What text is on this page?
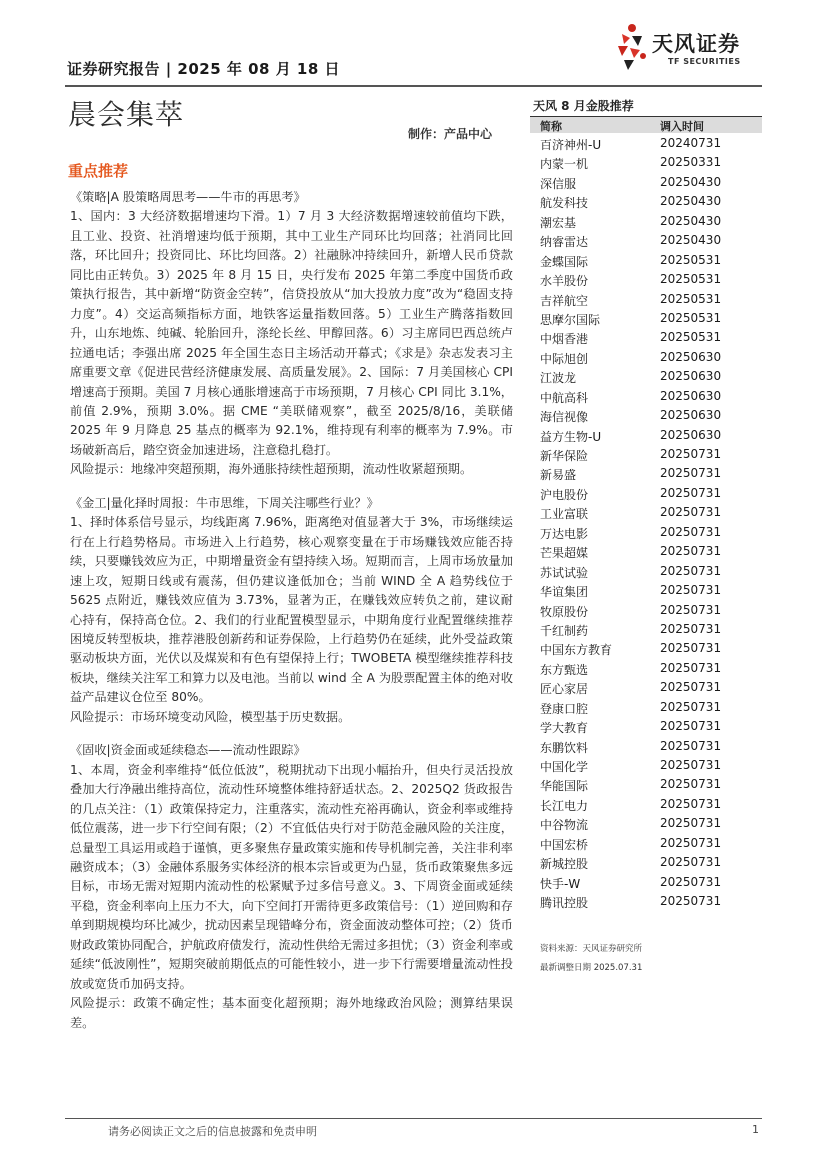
证券研究报告 | 2025 年 08 月 18 日
天风证券
TF SECURITIES
晨会集萃
制作：产品中心
重点推荐

《策略|A 股策略周思考——牛市的再思考》

1、国内：3 大经济数据增速均下滑。1）7 月 3 大经济数据增速较前值均下跌，且工业、投资、社消增速均低于预期，其中工业生产同环比均回落；社消同比回落，环比回升；投资同比、环比均回落。2）社融脉冲持续回升，新增人民币贷款同比由正转负。3）2025 年 8 月 15 日，央行发布 2025 年第二季度中国货币政策执行报告，其中新增“防资金空转”，信贷投放从“加大投放力度”改为“稳固支持力度”。4）交运高频指标方面，地铁客运量指数回落。5）工业生产腾落指数回升，山东地炼、纯碱、轮胎回升，涤纶长丝、甲醇回落。6）习主席同巴西总统卢拉通电话；李强出席 2025 年全国生态日主场活动开幕式；《求是》杂志发表习主席重要文章《促进民营经济健康发展、高质量发展》。2、国际：7 月美国核心 CPI 增速高于预期。美国 7 月核心通胀增速高于市场预期，7 月核心 CPI 同比 3.1%，前值 2.9%，预期 3.0%。据 CME “美联储观察”，截至 2025/8/16，美联储 2025 年 9 月降息 25 基点的概率为 92.1%，维持现有利率的概率为 7.9%。市场破新高后，踏空资金加速进场，注意稳扎稳打。

风险提示：地缘冲突超预期，海外通胀持续性超预期，流动性收紧超预期。

《金工|量化择时周报：牛市思维，下周关注哪些行业？》

1、择时体系信号显示，均线距离 7.96%，距离绝对值显著大于 3%，市场继续运行在上行趋势格局。市场进入上行趋势，核心观察变量在于市场赚钱效应能否持续，只要赚钱效应为正，中期增量资金有望持续入场。短期而言，上周市场放量加速上攻，短期日线或有震荡，但仍建议逢低加仓；当前 WIND 全 A 趋势线位于 5625 点附近，赚钱效应值为 3.73%，显著为正，在赚钱效应转负之前，建议耐心持有，保持高仓位。2、我们的行业配置模型显示，中期角度行业配置继续推荐困境反转型板块，推荐港股创新药和证券保险，上行趋势仍在延续，此外受益政策驱动板块方面，光伏以及煤炭和有色有望保持上行；TWOBETA 模型继续推荐科技板块，继续关注军工和算力以及电池。当前以 wind 全 A 为股票配置主体的绝对收益产品建议仓位至 80%。

风险提示：市场环境变动风险，模型基于历史数据。

《固收|资金面或延续稳态——流动性跟踪》

1、本周，资金利率维持“低位低波”，税期扰动下出现小幅抬升，但央行灵活投放叠加大行净融出维持高位，流动性环境整体维持舒适状态。2、2025Q2 货政报告的几点关注：（1）政策保持定力，注重落实，流动性充裕再确认，资金利率或维持低位震荡，进一步下行空间有限；（2）不宜低估央行对于防范金融风险的关注度，总量型工具运用或趋于谨慎，更多聚焦存量政策实施和传导机制完善，关注非利率融资成本；（3）金融体系服务实体经济的根本宗旨或更为凸显，货币政策聚焦多远目标，市场无需对短期内流动性的松紧赋予过多信号意义。3、下周资金面或延续平稳，资金利率向上压力不大，向下空间打开需待更多政策信号：（1）逆回购和存单到期规模均环比减少，扰动因素呈现错峰分布，资金面波动整体可控；（2）货币财政政策协同配合，护航政府债发行，流动性供给无需过多担忧；（3）资金利率或延续“低波刚性”，短期突破前期低点的可能性较小，进一步下行需要增量流动性投放或宽货币加码支持。

风险提示：政策不确定性；基本面变化超预期；海外地缘政治风险；测算结果误差。

天风 8 月金股推荐
简称	调入时间
百济神州-U	20240731
内蒙一机	20250331
深信服	20250430
航发科技	20250430
潮宏基	20250430
纳睿雷达	20250430
金蝶国际	20250531
水羊股份	20250531
吉祥航空	20250531
思摩尔国际	20250531
中烟香港	20250531
中际旭创	20250630
江波龙	20250630
中航高科	20250630
海信视像	20250630
益方生物-U	20250630
新华保险	20250731
新易盛	20250731
沪电股份	20250731
工业富联	20250731
万达电影	20250731
芒果超媒	20250731
苏试试验	20250731
华谊集团	20250731
牧原股份	20250731
千红制药	20250731
中国东方教育	20250731
东方甄选	20250731
匠心家居	20250731
登康口腔	20250731
学大教育	20250731
东鹏饮料	20250731
中国化学	20250731
华能国际	20250731
长江电力	20250731
中谷物流	20250731
中国宏桥	20250731
新城控股	20250731
快手-W	20250731
腾讯控股	20250731
资料来源：天风证券研究所
最新调整日期 2025.07.31
请务必阅读正文之后的信息披露和免责申明	1
